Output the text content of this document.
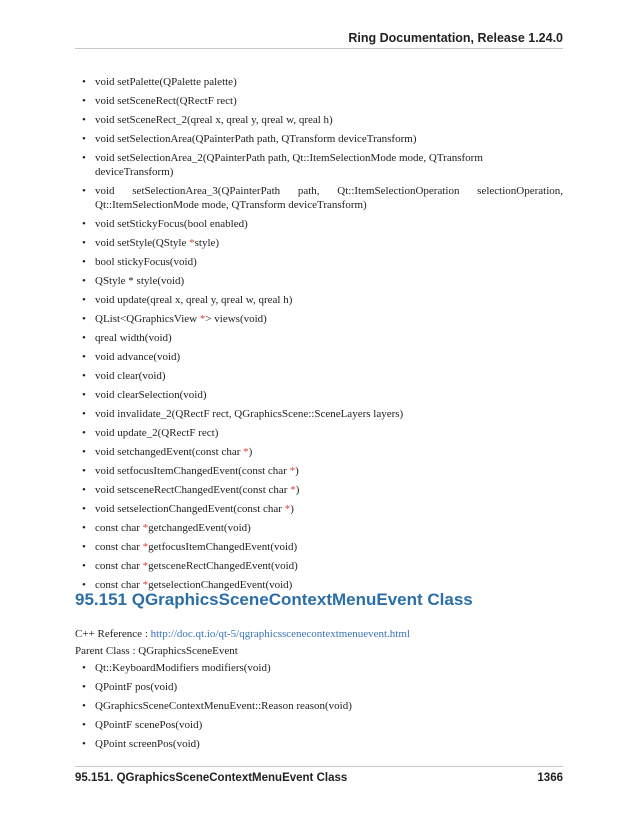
Ring Documentation, Release 1.24.0
• void setPalette(QPalette palette)
• void setSceneRect(QRectF rect)
• void setSceneRect_2(qreal x, qreal y, qreal w, qreal h)
• void setSelectionArea(QPainterPath path, QTransform deviceTransform)
• void setSelectionArea_2(QPainterPath path, Qt::ItemSelectionMode mode, QTransform deviceTransform)
• void setSelectionArea_3(QPainterPath path, Qt::ItemSelectionOperation selectionOperation, Qt::ItemSelectionMode mode, QTransform deviceTransform)
• void setStickyFocus(bool enabled)
• void setStyle(QStyle *style)
• bool stickyFocus(void)
• QStyle * style(void)
• void update(qreal x, qreal y, qreal w, qreal h)
• QList<QGraphicsView *> views(void)
• qreal width(void)
• void advance(void)
• void clear(void)
• void clearSelection(void)
• void invalidate_2(QRectF rect, QGraphicsScene::SceneLayers layers)
• void update_2(QRectF rect)
• void setchangedEvent(const char *)
• void setfocusItemChangedEvent(const char *)
• void setsceneRectChangedEvent(const char *)
• void setselectionChangedEvent(const char *)
• const char *getchangedEvent(void)
• const char *getfocusItemChangedEvent(void)
• const char *getsceneRectChangedEvent(void)
• const char *getselectionChangedEvent(void)
95.151 QGraphicsSceneContextMenuEvent Class

C++ Reference : http://doc.qt.io/qt-5/qgraphicsscenecontextmenuevent.html

Parent Class : QGraphicsSceneEvent

• Qt::KeyboardModifiers modifiers(void)
• QPointF pos(void)
• QGraphicsSceneContextMenuEvent::Reason reason(void)
• QPointF scenePos(void)
• QPoint screenPos(void)
95.151. QGraphicsSceneContextMenuEvent Class	1366
